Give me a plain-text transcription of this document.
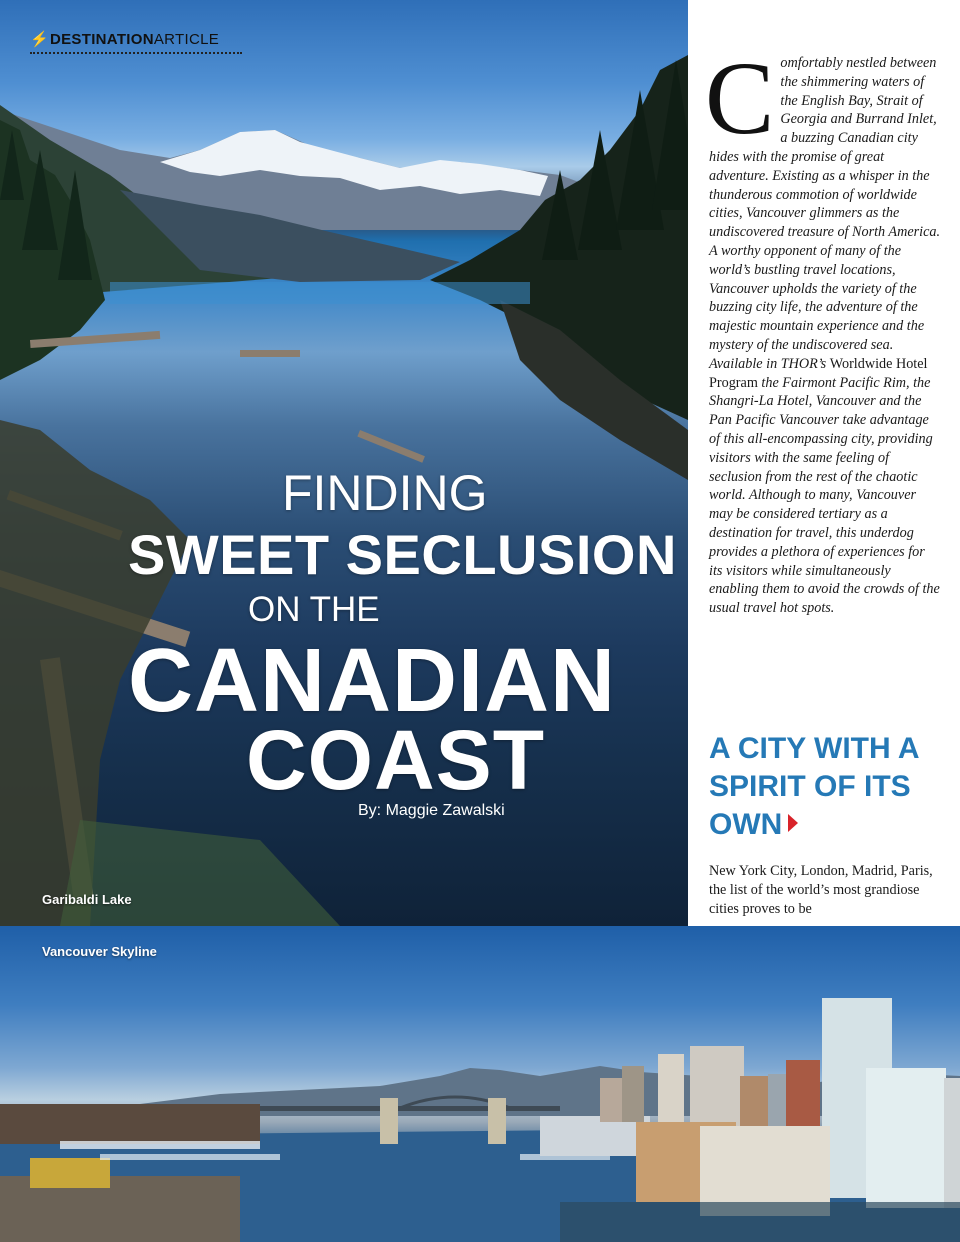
⚡DESTINATIONARTICLE
FINDING
SWEET SECLUSION
ON THE
CANADIAN
COAST
By: Maggie Zawalski
Garibaldi Lake

Comfortably nestled between the shimmering waters of the English Bay, Strait of Georgia and Burrand Inlet, a buzzing Canadian city hides with the promise of great adventure. Existing as a whisper in the thunderous commotion of worldwide cities, Vancouver glimmers as the undiscovered treasure of North America. A worthy opponent of many of the world’s bustling travel locations, Vancouver upholds the variety of the buzzing city life, the adventure of the majestic mountain experience and the mystery of the undiscovered sea. Available in THOR’s Worldwide Hotel Program the Fairmont Pacific Rim, the Shangri-La Hotel, Vancouver and the Pan Pacific Vancouver take advantage of this all-encompassing city, providing visitors with the same feeling of seclusion from the rest of the chaotic world. Although to many, Vancouver may be considered tertiary as a destination for travel, this underdog provides a plethora of experiences for its visitors while simultaneously enabling them to avoid the crowds of the usual travel hot spots.

A CITY WITH A SPIRIT OF ITS OWN

New York City, London, Madrid, Paris, the list of the world’s most grandiose cities proves to be

Vancouver Skyline
